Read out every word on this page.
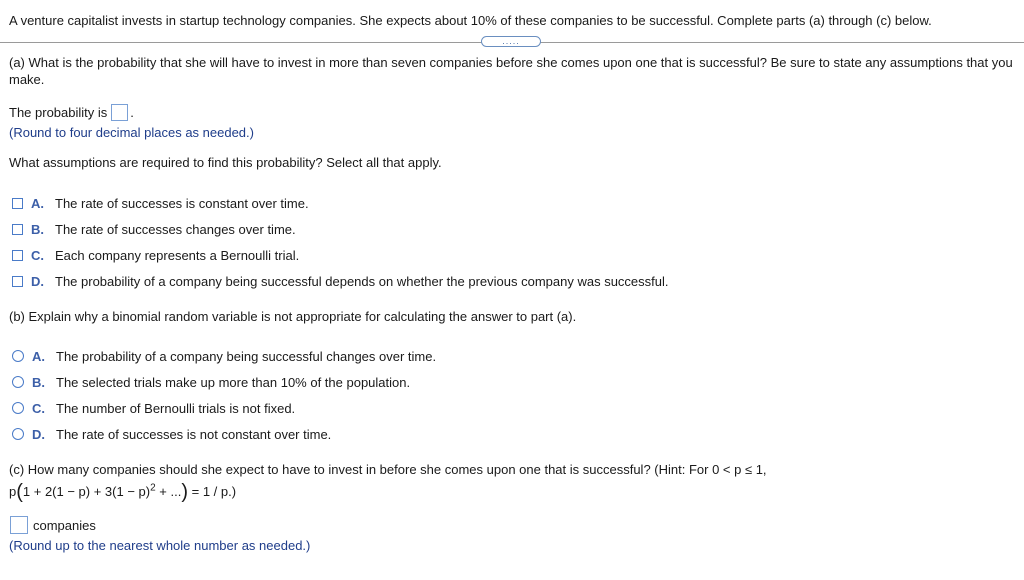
A venture capitalist invests in startup technology companies. She expects about 10% of these companies to be successful. Complete parts (a) through (c) below.
.....
(a) What is the probability that she will have to invest in more than seven companies before she comes upon one that is successful? Be sure to state any assumptions that you make.
The probability is .
(Round to four decimal places as needed.)
What assumptions are required to find this probability? Select all that apply.
A. The rate of successes is constant over time.
B. The rate of successes changes over time.
C. Each company represents a Bernoulli trial.
D. The probability of a company being successful depends on whether the previous company was successful.
(b) Explain why a binomial random variable is not appropriate for calculating the answer to part (a).
A. The probability of a company being successful changes over time.
B. The selected trials make up more than 10% of the population.
C. The number of Bernoulli trials is not fixed.
D. The rate of successes is not constant over time.
(c) How many companies should she expect to have to invest in before she comes upon one that is successful? (Hint: For 0 < p ≤ 1,
$p(1 + 2(1 - p) + 3(1 - p)^2$ + ...) = 1 / p.)
companies
(Round up to the nearest whole number as needed.)
